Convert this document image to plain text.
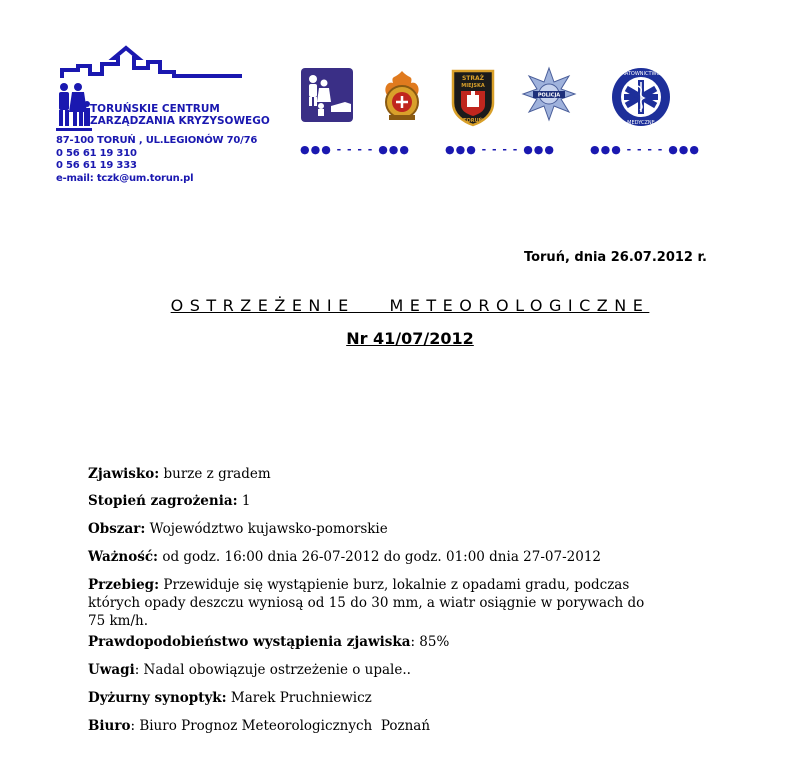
TORUŃSKIE CENTRUM
ZARZĄDZANIA KRYZYSOWEGO
87-100 TORUŃ , UL.LEGIONÓW 70/76
0 56 61 19 310
0 56 61 19 333
e-mail: tczk@um.torun.pl
STRAŻ
MIEJSKA
TORUŃ
POLICJA
RATOWNICTWO
MEDYCZNE
●●● - - - - ●●●	●●● - - - - ●●●	●●● - - - - ●●●
Toruń, dnia 26.07.2012 r.
OSTRZEŻENIE   METEOROLOGICZNE
Nr 41/07/2012
Zjawisko: burze z gradem
Stopień zagrożenia: 1
Obszar: Województwo kujawsko-pomorskie
Ważność: od godz. 16:00 dnia 26-07-2012 do godz. 01:00 dnia 27-07-2012
Przebieg: Przewiduje się wystąpienie burz, lokalnie z opadami gradu, podczas których opady deszczu wyniosą od 15 do 30 mm, a wiatr osiągnie w porywach do 75 km/h.
Prawdopodobieństwo wystąpienia zjawiska: 85%
Uwagi: Nadal obowiązuje ostrzeżenie o upale..
Dyżurny synoptyk: Marek Pruchniewicz
Biuro: Biuro Prognoz Meteorologicznych  Poznań
